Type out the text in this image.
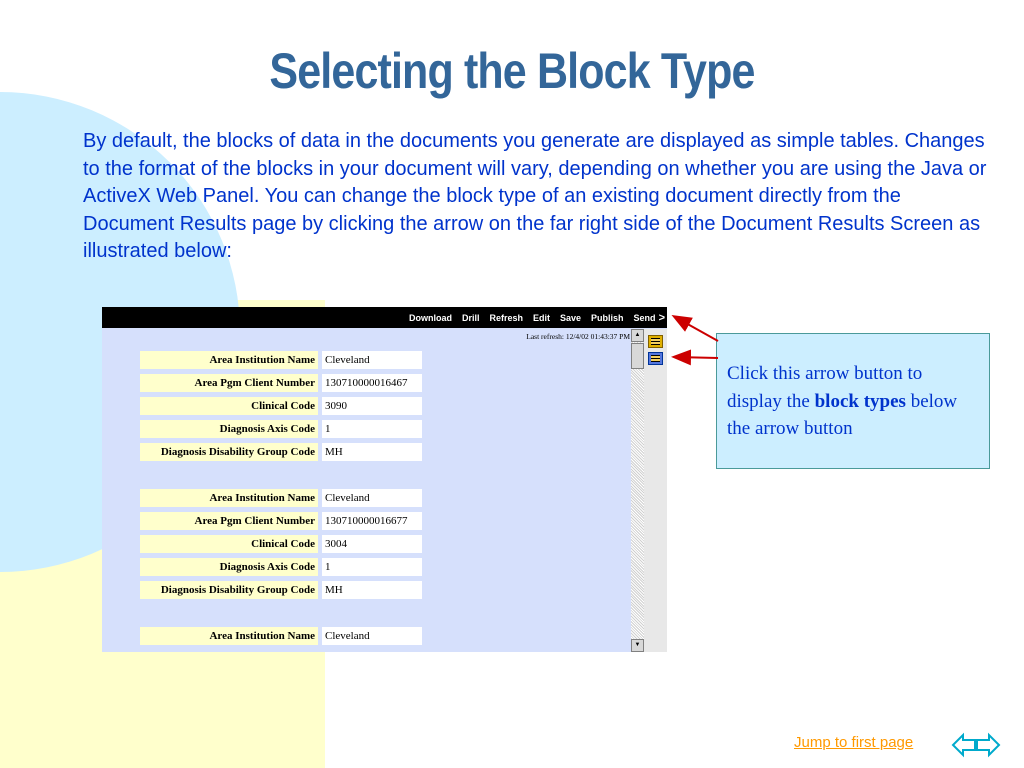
Selecting the Block Type
By default, the blocks of data in the documents you generate are displayed as simple tables. Changes to the format of the blocks in your document will vary, depending on whether you are using the Java or ActiveX Web Panel. You can change the block type of an existing document directly from the Document Results page by clicking the arrow on the far right side of the Document Results Screen as illustrated below:
Download Drill Refresh Edit Save Publish Send >
Last refresh: 12/4/02 01:43:37 PM
Area Institution Name Cleveland
Area Pgm Client Number 130710000016467
Clinical Code 3090
Diagnosis Axis Code 1
Diagnosis Disability Group Code MH
Area Institution Name Cleveland
Area Pgm Client Number 130710000016677
Clinical Code 3004
Diagnosis Axis Code 1
Diagnosis Disability Group Code MH
Area Institution Name Cleveland
▲
▼
Click this arrow button to display the block types below the arrow button
Jump to first page
